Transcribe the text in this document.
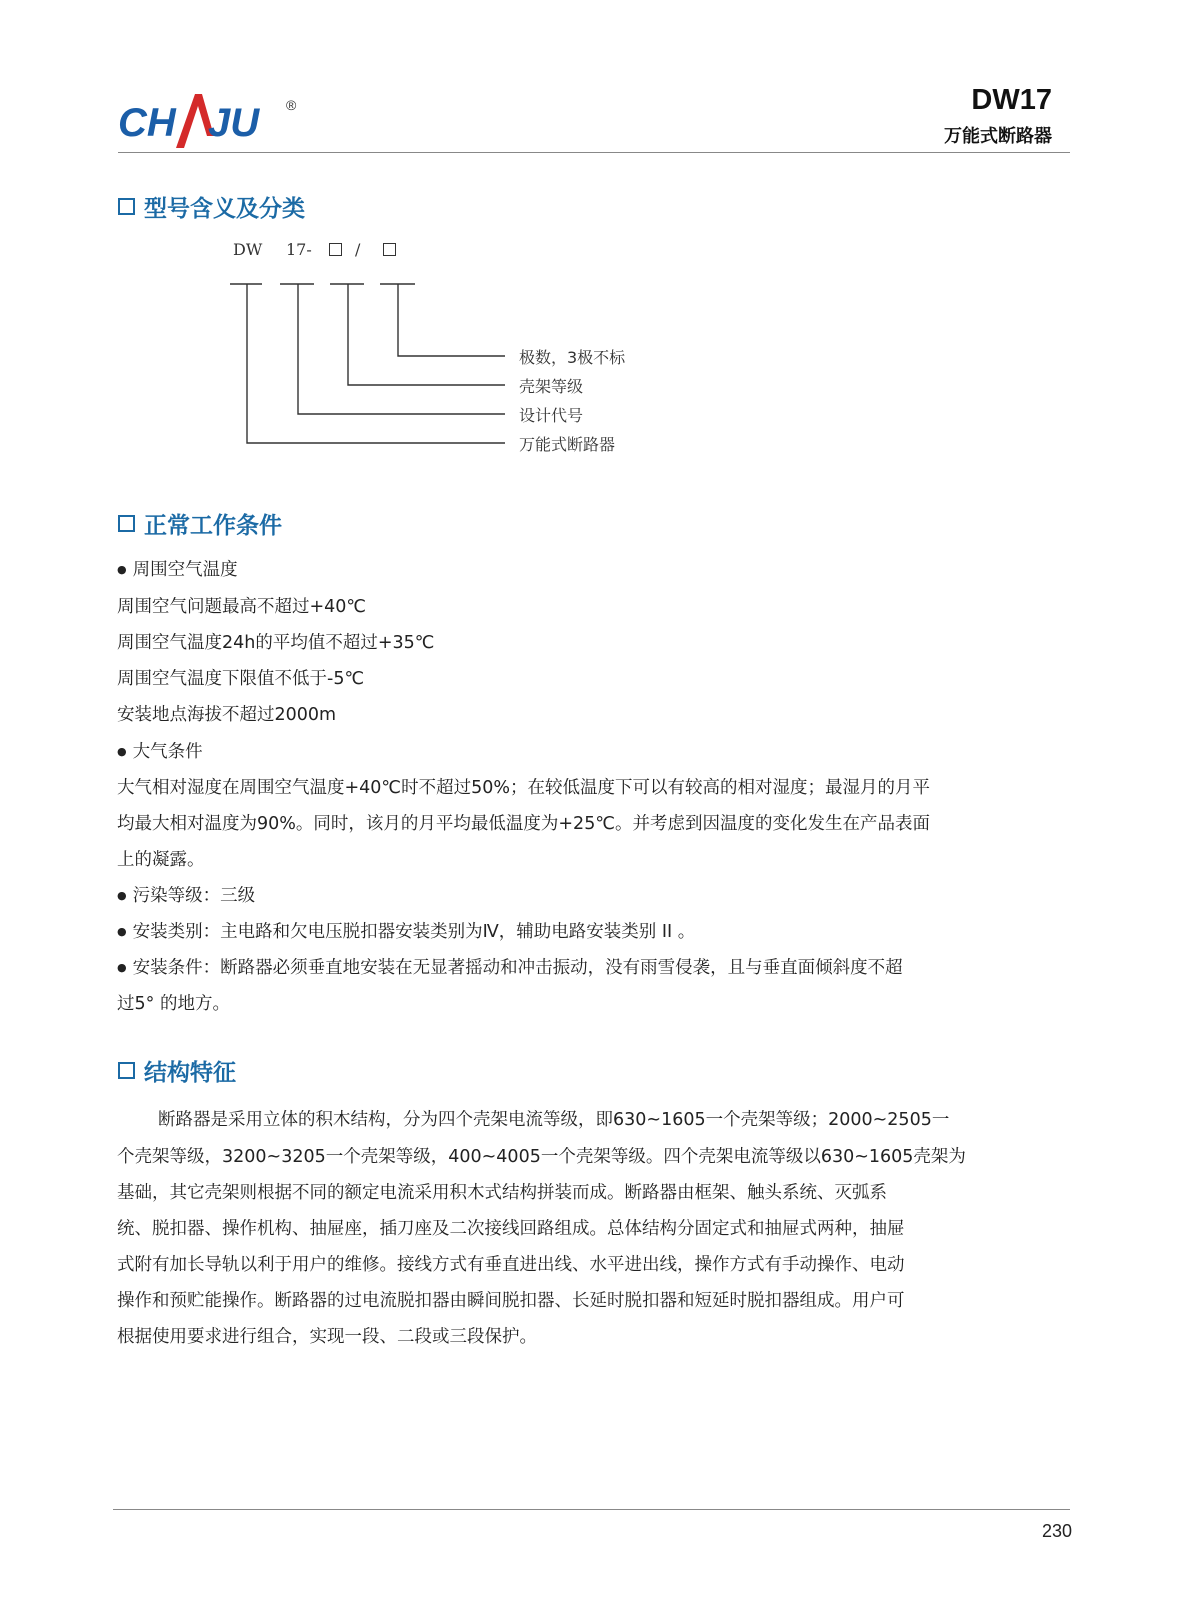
CH JU ®	DW17
万能式断路器
型号含义及分类
DW 17-	/
极数，3极不标
壳架等级
设计代号
万能式断路器
正常工作条件
● 周围空气温度
周围空气问题最高不超过+40℃
周围空气温度24h的平均值不超过+35℃
周围空气温度下限值不低于-5℃
安装地点海拔不超过2000m
● 大气条件
大气相对湿度在周围空气温度+40℃时不超过50%；在较低温度下可以有较高的相对湿度；最湿月的月平
均最大相对温度为90%。同时，该月的月平均最低温度为+25℃。并考虑到因温度的变化发生在产品表面
上的凝露。
● 污染等级：三级
● 安装类别：主电路和欠电压脱扣器安装类别为Ⅳ，辅助电路安装类别 II 。
● 安装条件：断路器必须垂直地安装在无显著摇动和冲击振动，没有雨雪侵袭，且与垂直面倾斜度不超
过5° 的地方。
结构特征
断路器是采用立体的积木结构，分为四个壳架电流等级，即630~1605一个壳架等级；2000~2505一
个壳架等级，3200~3205一个壳架等级，400~4005一个壳架等级。四个壳架电流等级以630~1605壳架为
基础，其它壳架则根据不同的额定电流采用积木式结构拼装而成。断路器由框架、触头系统、灭弧系
统、脱扣器、操作机构、抽屉座，插刀座及二次接线回路组成。总体结构分固定式和抽屉式两种，抽屉
式附有加长导轨以利于用户的维修。接线方式有垂直进出线、水平进出线，操作方式有手动操作、电动
操作和预贮能操作。断路器的过电流脱扣器由瞬间脱扣器、长延时脱扣器和短延时脱扣器组成。用户可
根据使用要求进行组合，实现一段、二段或三段保护。
230
